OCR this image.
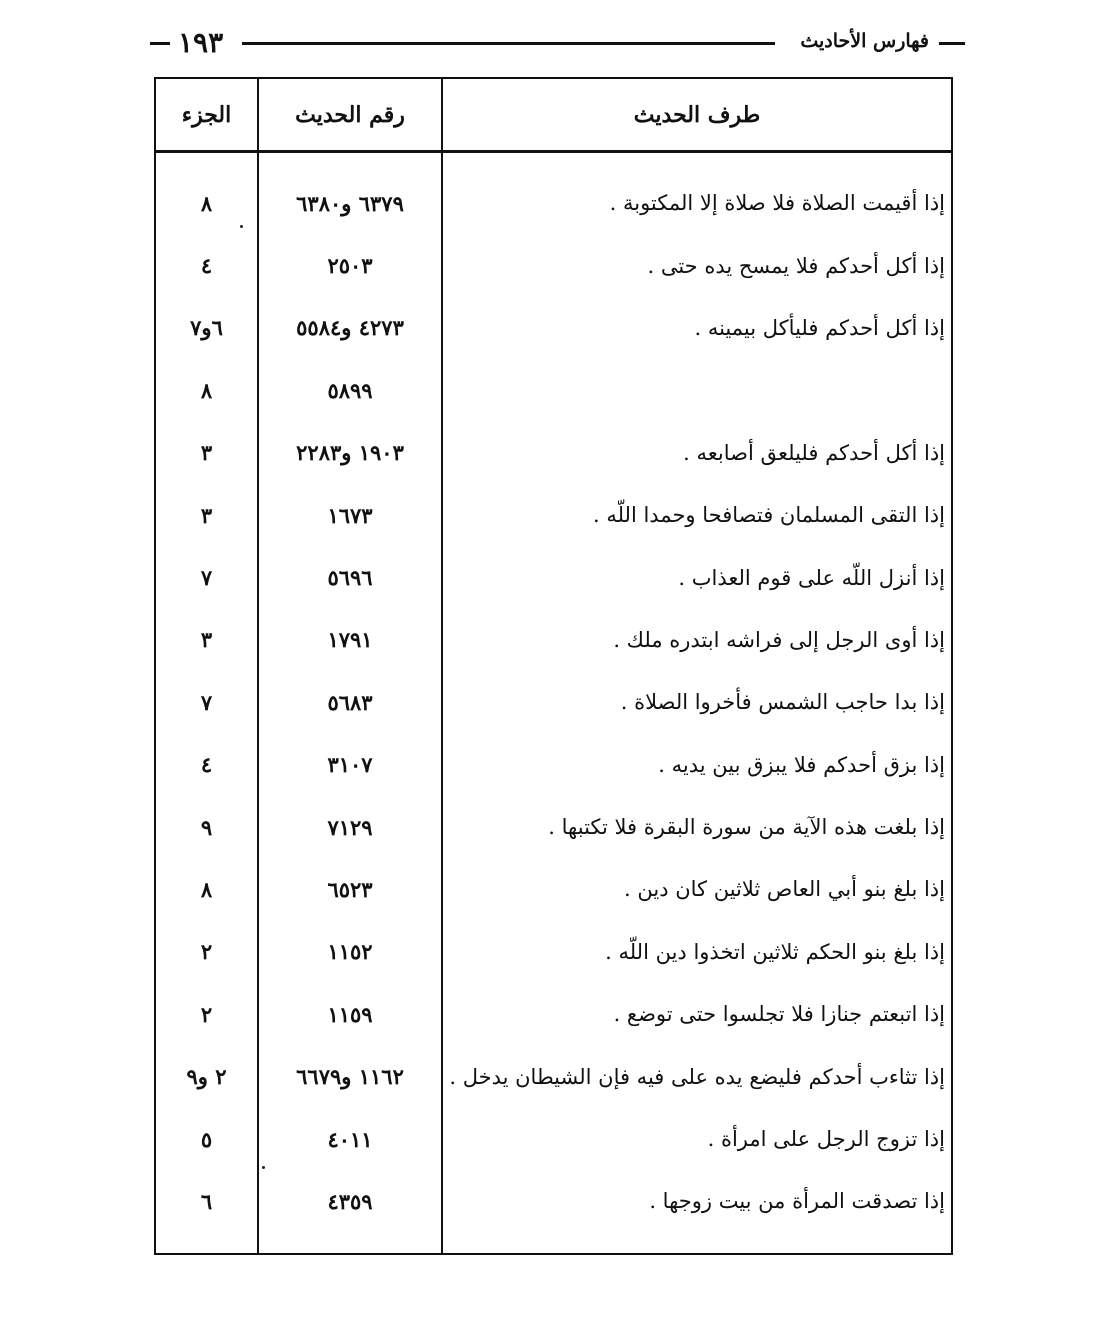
فهارس الأحاديث
١٩٣
طرف الحديث
رقم الحديث
الجزء
إذا أقيمت الصلاة فلا صلاة إلا المكتوبة .
٦٣٧٩ و٦٣٨٠
٨
إذا أكل أحدكم فلا يمسح يده حتى .
٢٥٠٣
٤
إذا أكل أحدكم فليأكل بيمينه .
٤٢٧٣ و٥٥٨٤
٦و٧
٥٨٩٩
٨
إذا أكل أحدكم فليلعق أصابعه .
١٩٠٣ و٢٢٨٣
٣
إذا التقى المسلمان فتصافحا وحمدا اللّه .
١٦٧٣
٣
إذا أنزل اللّه على قوم العذاب .
٥٦٩٦
٧
إذا أوى الرجل إلى فراشه ابتدره ملك .
١٧٩١
٣
إذا بدا حاجب الشمس فأخروا الصلاة .
٥٦٨٣
٧
إذا بزق أحدكم فلا يبزق بين يديه .
٣١٠٧
٤
إذا بلغت هذه الآية من سورة البقرة فلا تكتبها .
٧١٢٩
٩
إذا بلغ بنو أبي العاص ثلاثين كان دين .
٦٥٢٣
٨
إذا بلغ بنو الحكم ثلاثين اتخذوا دين اللّه .
١١٥٢
٢
إذا اتبعتم جنازا فلا تجلسوا حتى توضع .
١١٥٩
٢
إذا تثاءب أحدكم فليضع يده على فيه فإن الشيطان يدخل .
١١٦٢ و٦٦٧٩
٢ و٩
إذا تزوج الرجل على امرأة .
٤٠١١
٥
إذا تصدقت المرأة من بيت زوجها .
٤٣٥٩
٦
